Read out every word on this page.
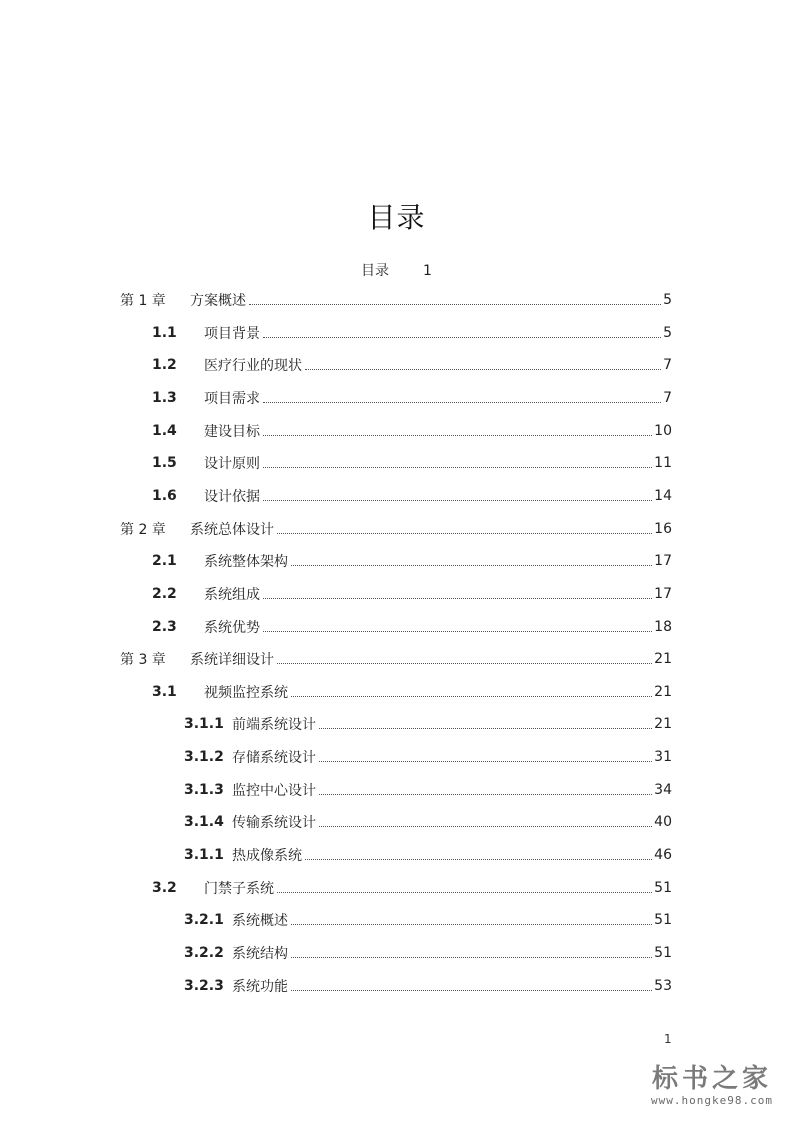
目录
目录 1
第 1 章	方案概述	5
1.1	项目背景	5
1.2	医疗行业的现状	7
1.3	项目需求	7
1.4	建设目标	10
1.5	设计原则	11
1.6	设计依据	14
第 2 章	系统总体设计	16
2.1	系统整体架构	17
2.2	系统组成	17
2.3	系统优势	18
第 3 章	系统详细设计	21
3.1	视频监控系统	21
3.1.1 前端系统设计	21
3.1.2 存储系统设计	31
3.1.3 监控中心设计	34
3.1.4 传输系统设计	40
3.1.1 热成像系统	46
3.2	门禁子系统	51
3.2.1 系统概述	51
3.2.2 系统结构	51
3.2.3 系统功能	53
1
标书之家
www.hongke98.com
